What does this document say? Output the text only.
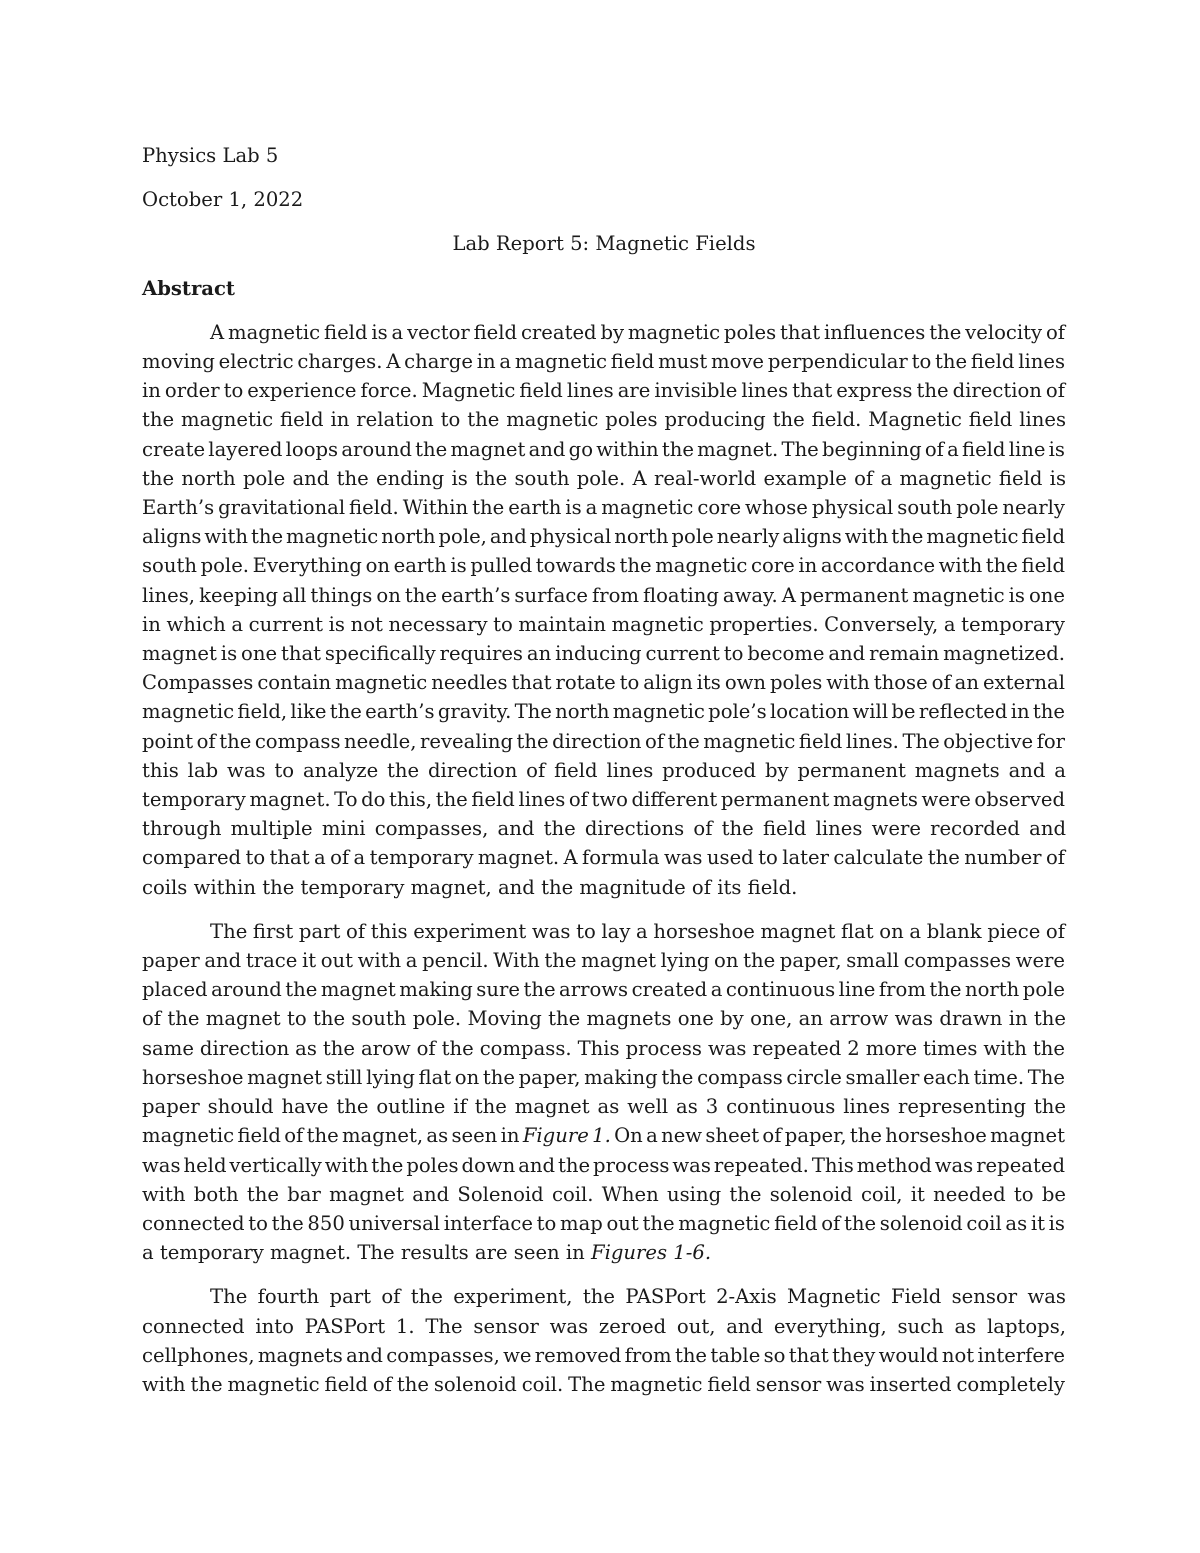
Physics Lab 5
October 1, 2022
Lab Report 5: Magnetic Fields
Abstract
A magnetic field is a vector field created by magnetic poles that influences the velocity of
moving electric charges. A charge in a magnetic field must move perpendicular to the field lines
in order to experience force. Magnetic field lines are invisible lines that express the direction of
the magnetic field in relation to the magnetic poles producing the field. Magnetic field lines
create layered loops around the magnet and go within the magnet. The beginning of a field line is
the north pole and the ending is the south pole. A real-world example of a magnetic field is
Earth’s gravitational field. Within the earth is a magnetic core whose physical south pole nearly
aligns with the magnetic north pole, and physical north pole nearly aligns with the magnetic field
south pole. Everything on earth is pulled towards the magnetic core in accordance with the field
lines, keeping all things on the earth’s surface from floating away. A permanent magnetic is one
in which a current is not necessary to maintain magnetic properties. Conversely, a temporary
magnet is one that specifically requires an inducing current to become and remain magnetized.
Compasses contain magnetic needles that rotate to align its own poles with those of an external
magnetic field, like the earth’s gravity. The north magnetic pole’s location will be reflected in the
point of the compass needle, revealing the direction of the magnetic field lines. The objective for
this lab was to analyze the direction of field lines produced by permanent magnets and a
temporary magnet. To do this, the field lines of two different permanent magnets were observed
through multiple mini compasses, and the directions of the field lines were recorded and
compared to that a of a temporary magnet. A formula was used to later calculate the number of
coils within the temporary magnet, and the magnitude of its field.
The first part of this experiment was to lay a horseshoe magnet flat on a blank piece of
paper and trace it out with a pencil. With the magnet lying on the paper, small compasses were
placed around the magnet making sure the arrows created a continuous line from the north pole
of the magnet to the south pole. Moving the magnets one by one, an arrow was drawn in the
same direction as the arow of the compass. This process was repeated 2 more times with the
horseshoe magnet still lying flat on the paper, making the compass circle smaller each time. The
paper should have the outline if the magnet as well as 3 continuous lines representing the
magnetic field of the magnet, as seen in Figure 1. On a new sheet of paper, the horseshoe magnet
was held vertically with the poles down and the process was repeated. This method was repeated
with both the bar magnet and Solenoid coil. When using the solenoid coil, it needed to be
connected to the 850 universal interface to map out the magnetic field of the solenoid coil as it is
a temporary magnet. The results are seen in Figures 1-6.
The fourth part of the experiment, the PASPort 2-Axis Magnetic Field sensor was
connected into PASPort 1. The sensor was zeroed out, and everything, such as laptops,
cellphones, magnets and compasses, we removed from the table so that they would not interfere
with the magnetic field of the solenoid coil. The magnetic field sensor was inserted completely
